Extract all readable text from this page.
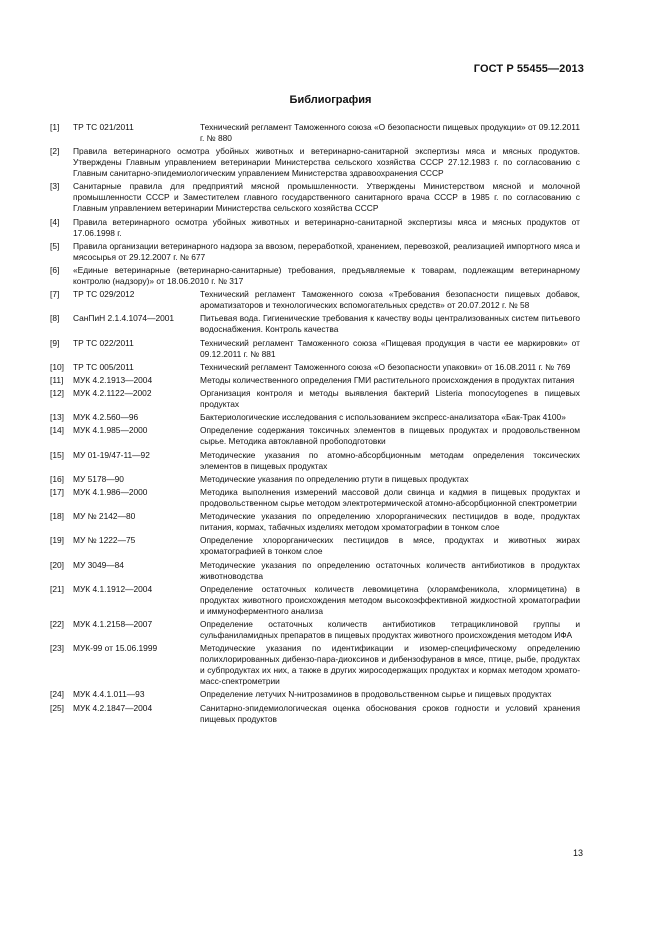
ГОСТ Р 55455—2013
Библиография
[1] ТР ТС 021/2011	Технический регламент Таможенного союза «О безопасности пищевых продукции» от 09.12.2011 г. № 880
[2] Правила ветеринарного осмотра убойных животных и ветеринарно-санитарной экспертизы мяса и мясных продуктов. Утверждены Главным управлением ветеринарии Министерства сельского хозяйства СССР 27.12.1983 г. по согласованию с Главным санитарно-эпидемиологическим управлением Министерства здравоохранения СССР
[3] Санитарные правила для предприятий мясной промышленности. Утверждены Министерством мясной и молочной промышленности СССР и Заместителем главного государственного санитарного врача СССР в 1985 г. по согласованию с Главным управлением ветеринарии Министерства сельского хозяйства СССР
[4] Правила ветеринарного осмотра убойных животных и ветеринарно-санитарной экспертизы мяса и мясных продуктов от 17.06.1998 г.
[5] Правила организации ветеринарного надзора за ввозом, переработкой, хранением, перевозкой, реализацией импортного мяса и мясосырья от 29.12.2007 г. № 677
[6] «Единые ветеринарные (ветеринарно-санитарные) требования, предъявляемые к товарам, подлежащим ветеринарному контролю (надзору)» от 18.06.2010 г. № 317
[7] ТР ТС 029/2012	Технический регламент Таможенного союза «Требования безопасности пищевых добавок, ароматизаторов и технологических вспомогательных средств» от 20.07.2012 г. № 58
[8] СанПиН 2.1.4.1074—2001	Питьевая вода. Гигиенические требования к качеству воды централизованных систем питьевого водоснабжения. Контроль качества
[9] ТР ТС 022/2011	Технический регламент Таможенного союза «Пищевая продукция в части ее маркировки» от 09.12.2011 г. № 881
[10] ТР ТС 005/2011	Технический регламент Таможенного союза «О безопасности упаковки» от 16.08.2011 г. № 769
[11] МУК 4.2.1913—2004	Методы количественного определения ГМИ растительного происхождения в продуктах питания
[12] МУК 4.2.1122—2002	Организация контроля и методы выявления бактерий Listeria monocytogenes в пищевых продуктах
[13] МУК 4.2.560—96	Бактериологические исследования с использованием экспресс-анализатора «Бак-Трак 4100»
[14] МУК 4.1.985—2000	Определение содержания токсичных элементов в пищевых продуктах и продовольственном сырье. Методика автоклавной пробоподготовки
[15] МУ 01-19/47-11—92	Методические указания по атомно-абсорбционным методам определения токсических элементов в пищевых продуктах
[16] МУ 5178—90	Методические указания по определению ртути в пищевых продуктах
[17] МУК 4.1.986—2000	Методика выполнения измерений массовой доли свинца и кадмия в пищевых продуктах и продовольственном сырье методом электротермической атомно-абсорбционной спектрометрии
[18] МУ № 2142—80	Методические указания по определению хлорорганических пестицидов в воде, продуктах питания, кормах, табачных изделиях методом хроматографии в тонком слое
[19] МУ № 1222—75	Определение хлорорганических пестицидов в мясе, продуктах и животных жирах хроматографией в тонком слое
[20] МУ 3049—84	Методические указания по определению остаточных количеств антибиотиков в продуктах животноводства
[21] МУК 4.1.1912—2004	Определение остаточных количеств левомицетина (хлорамфеникола, хлормицетина) в продуктах животного происхождения методом высокоэффективной жидкостной хроматографии и иммуноферментного анализа
[22] МУК 4.1.2158—2007	Определение остаточных количеств антибиотиков тетрациклиновой группы и сульфаниламидных препаратов в пищевых продуктах животного происхождения методом ИФА
[23] МУК-99 от 15.06.1999	Методические указания по идентификации и изомер-специфическому определению полихлорированных дибензо-пара-диоксинов и дибензофуранов в мясе, птице, рыбе, продуктах и субпродуктах их них, а также в других жиросодержащих продуктах и кормах методом хромато-масс-спектрометрии
[24] МУК 4.4.1.011—93	Определение летучих N-нитрозаминов в продовольственном сырье и пищевых продуктах
[25] МУК 4.2.1847—2004	Санитарно-эпидемиологическая оценка обоснования сроков годности и условий хранения пищевых продуктов
13
